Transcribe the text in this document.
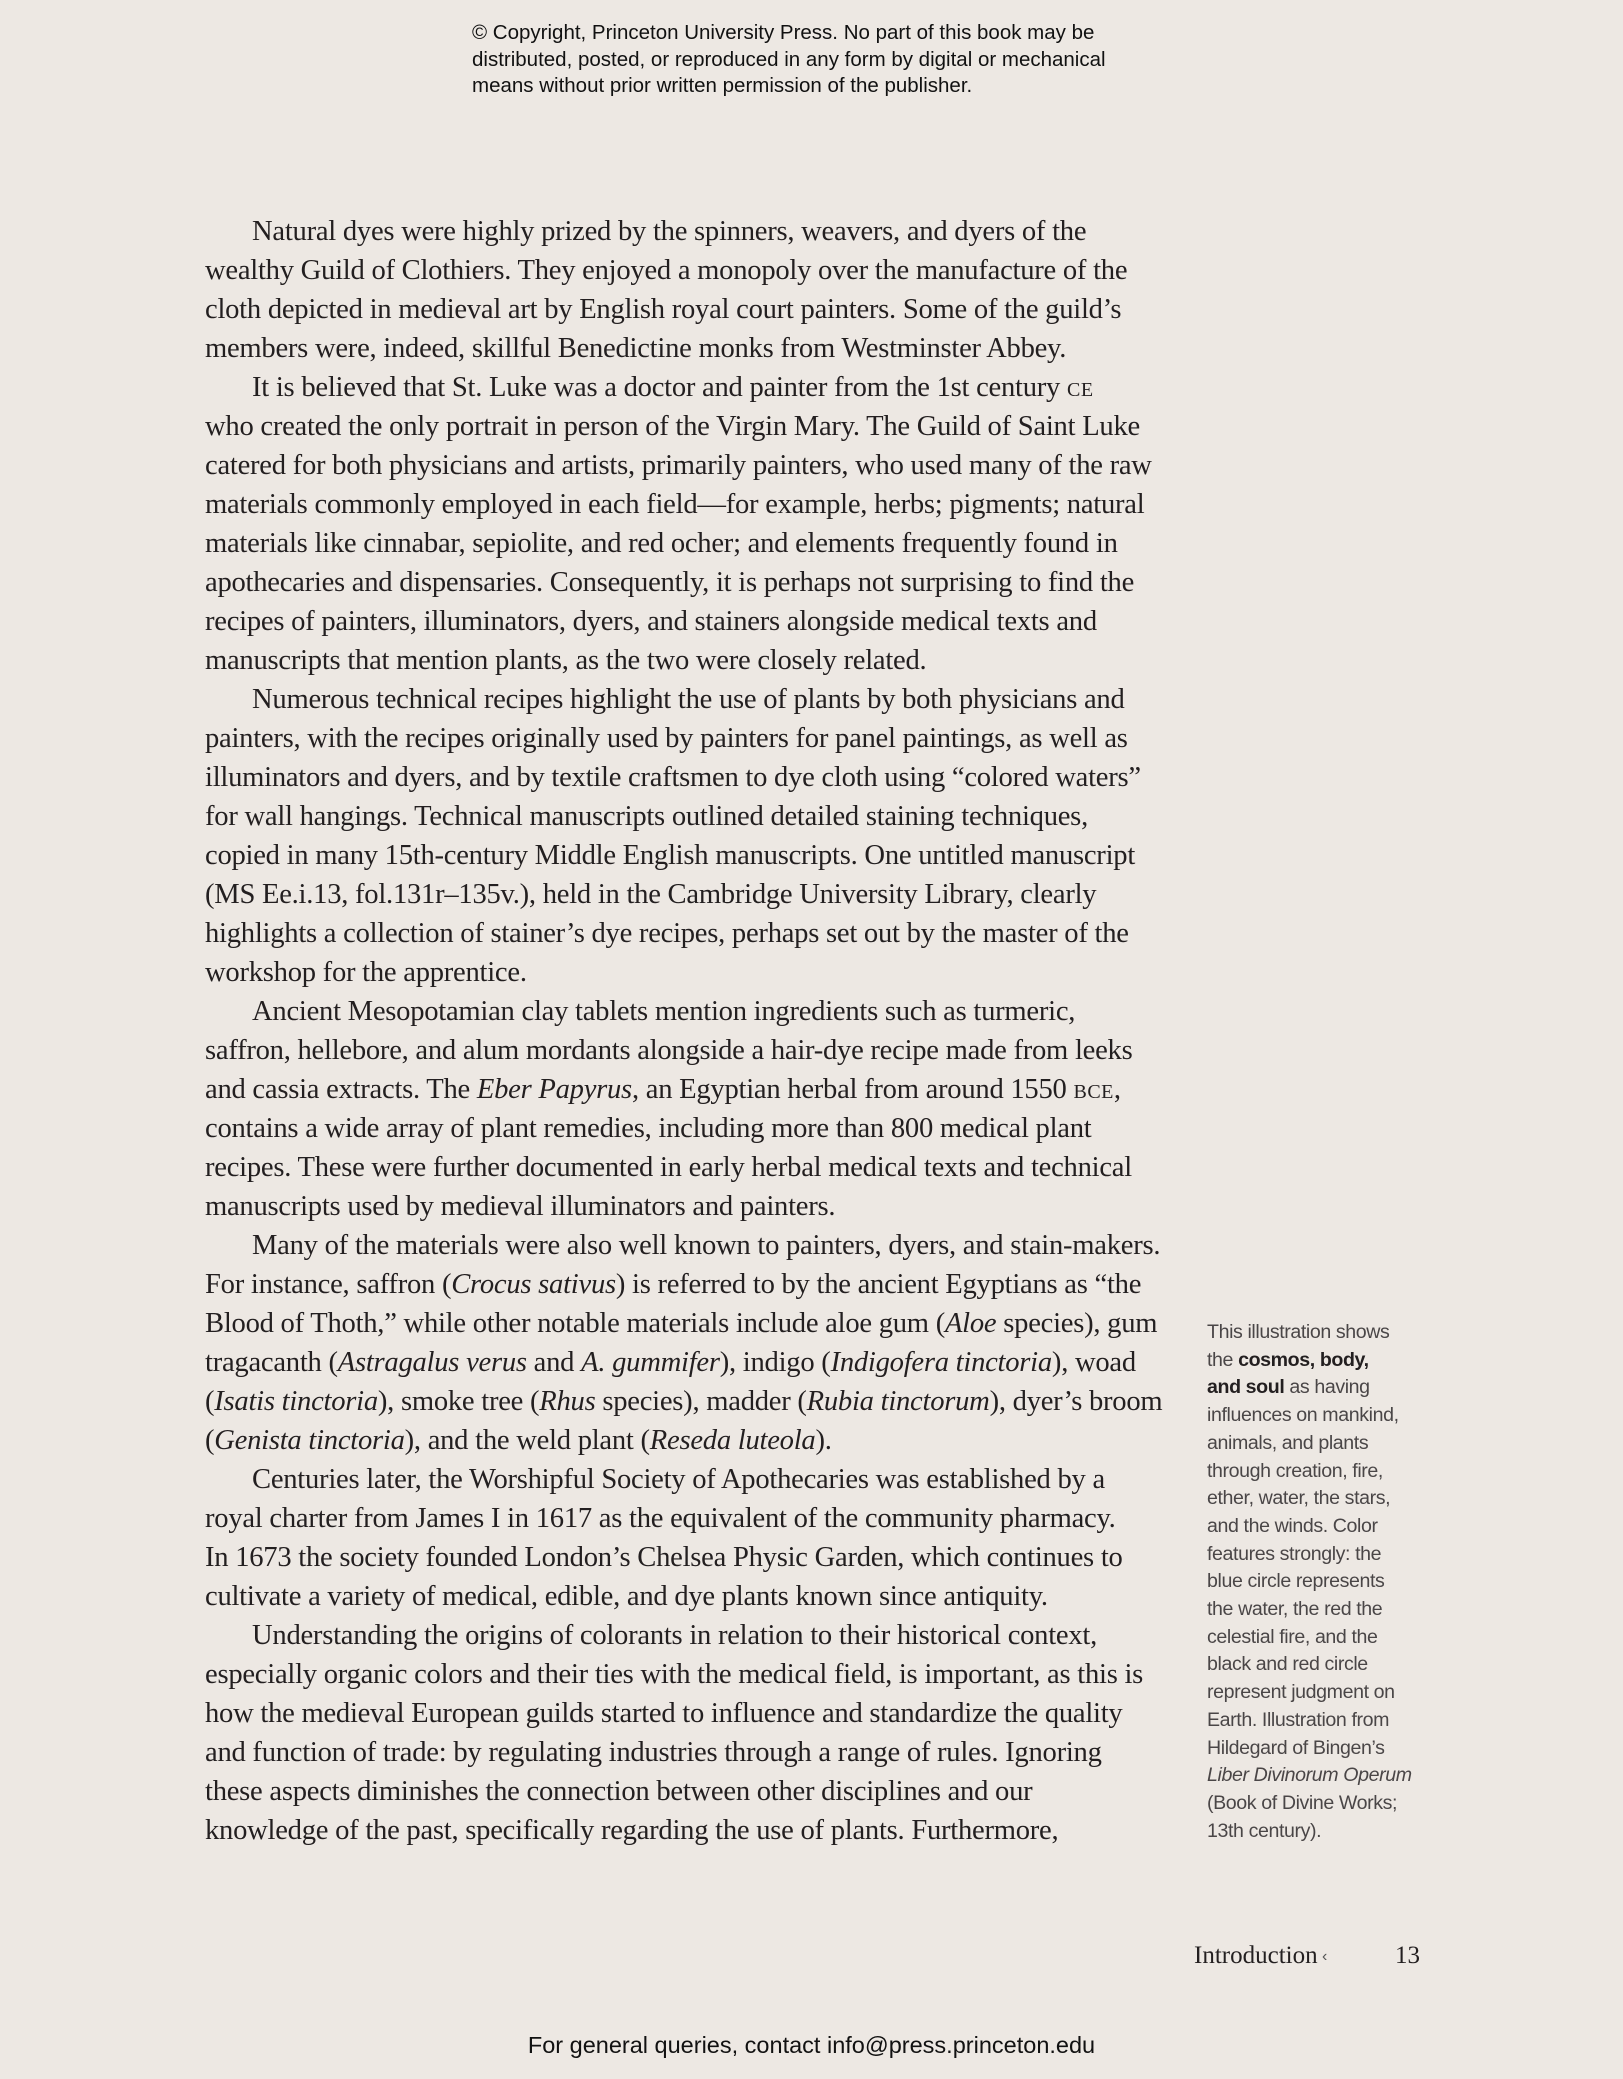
© Copyright, Princeton University Press. No part of this book may be

distributed, posted, or reproduced in any form by digital or mechanical

means without prior written permission of the publisher.

Natural dyes were highly prized by the spinners, weavers, and dyers of the
wealthy Guild of Clothiers. They enjoyed a monopoly over the manufacture of the
cloth depicted in medieval art by English royal court painters. Some of the guild’s
members were, indeed, skillful Benedictine monks from Westminster Abbey.
It is believed that St. Luke was a doctor and painter from the 1st century ce
who created the only portrait in person of the Virgin Mary. The Guild of Saint Luke
catered for both physicians and artists, primarily painters, who used many of the raw
materials commonly employed in each field—for example, herbs; pigments; natural
materials like cinnabar, sepiolite, and red ocher; and elements frequently found in
apothecaries and dispensaries. Consequently, it is perhaps not surprising to find the
recipes of painters, illuminators, dyers, and stainers alongside medical texts and
manuscripts that mention plants, as the two were closely related.
Numerous technical recipes highlight the use of plants by both physicians and
painters, with the recipes originally used by painters for panel paintings, as well as
illuminators and dyers, and by textile craftsmen to dye cloth using “colored waters”
for wall hangings. Technical manuscripts outlined detailed staining techniques,
copied in many 15th-century Middle English manuscripts. One untitled manuscript
(MS Ee.i.13, fol.131r–135v.), held in the Cambridge University Library, clearly
highlights a collection of stainer’s dye recipes, perhaps set out by the master of the
workshop for the apprentice.
Ancient Mesopotamian clay tablets mention ingredients such as turmeric,
saffron, hellebore, and alum mordants alongside a hair-dye recipe made from leeks
and cassia extracts. The Eber Papyrus, an Egyptian herbal from around 1550 bce,
contains a wide array of plant remedies, including more than 800 medical plant
recipes. These were further documented in early herbal medical texts and technical
manuscripts used by medieval illuminators and painters.
Many of the materials were also well known to painters, dyers, and stain-makers.
For instance, saffron (Crocus sativus) is referred to by the ancient Egyptians as “the
Blood of Thoth,” while other notable materials include aloe gum (Aloe species), gum
tragacanth (Astragalus verus and A. gummifer), indigo (Indigofera tinctoria), woad
(Isatis tinctoria), smoke tree (Rhus species), madder (Rubia tinctorum), dyer’s broom
(Genista tinctoria), and the weld plant (Reseda luteola).
Centuries later, the Worshipful Society of Apothecaries was established by a
royal charter from James I in 1617 as the equivalent of the community pharmacy.
In 1673 the society founded London’s Chelsea Physic Garden, which continues to
cultivate a variety of medical, edible, and dye plants known since antiquity.
Understanding the origins of colorants in relation to their historical context,
especially organic colors and their ties with the medical field, is important, as this is
how the medieval European guilds started to influence and standardize the quality
and function of trade: by regulating industries through a range of rules. Ignoring
these aspects diminishes the connection between other disciplines and our
knowledge of the past, specifically regarding the use of plants. Furthermore,
This illustration shows
the cosmos, body,
and soul as having
influences on mankind,
animals, and plants
through creation, fire,
ether, water, the stars,
and the winds. Color
features strongly: the
blue circle represents
the water, the red the
celestial fire, and the
black and red circle
represent judgment on
Earth. Illustration from
Hildegard of Bingen’s
Liber Divinorum Operum
(Book of Divine Works;
13th century).
Introduction ‹	13
For general queries, contact info@press.princeton.edu
